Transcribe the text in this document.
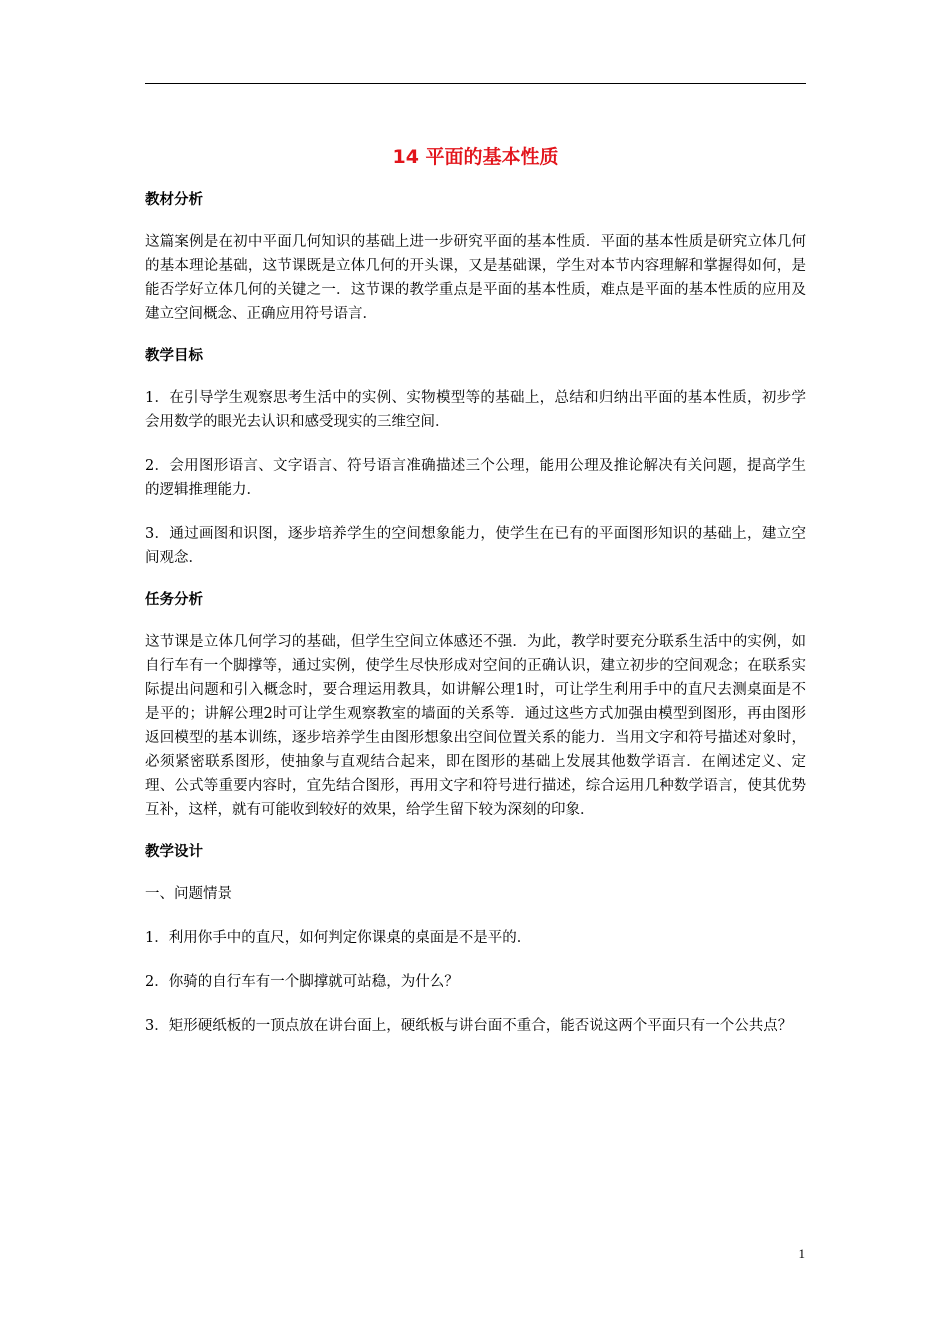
14 平面的基本性质
教材分析

这篇案例是在初中平面几何知识的基础上进一步研究平面的基本性质．平面的基本性质是研究立体几何的基本理论基础，这节课既是立体几何的开头课，又是基础课，学生对本节内容理解和掌握得如何，是能否学好立体几何的关键之一．这节课的教学重点是平面的基本性质，难点是平面的基本性质的应用及建立空间概念、正确应用符号语言．

教学目标

1．在引导学生观察思考生活中的实例、实物模型等的基础上，总结和归纳出平面的基本性质，初步学会用数学的眼光去认识和感受现实的三维空间．

2．会用图形语言、文字语言、符号语言准确描述三个公理，能用公理及推论解决有关问题，提高学生的逻辑推理能力．

3．通过画图和识图，逐步培养学生的空间想象能力，使学生在已有的平面图形知识的基础上，建立空间观念．

任务分析

这节课是立体几何学习的基础，但学生空间立体感还不强．为此，教学时要充分联系生活中的实例，如自行车有一个脚撑等，通过实例，使学生尽快形成对空间的正确认识，建立初步的空间观念；在联系实际提出问题和引入概念时，要合理运用教具，如讲解公理1时，可让学生利用手中的直尺去测桌面是不是平的；讲解公理2时可让学生观察教室的墙面的关系等．通过这些方式加强由模型到图形，再由图形返回模型的基本训练，逐步培养学生由图形想象出空间位置关系的能力．当用文字和符号描述对象时，必须紧密联系图形，使抽象与直观结合起来，即在图形的基础上发展其他数学语言．在阐述定义、定理、公式等重要内容时，宜先结合图形，再用文字和符号进行描述，综合运用几种数学语言，使其优势互补，这样，就有可能收到较好的效果，给学生留下较为深刻的印象．

教学设计

一、问题情景

1．利用你手中的直尺，如何判定你课桌的桌面是不是平的．

2．你骑的自行车有一个脚撑就可站稳，为什么？

3．矩形硬纸板的一顶点放在讲台面上，硬纸板与讲台面不重合，能否说这两个平面只有一个公共点？

1
